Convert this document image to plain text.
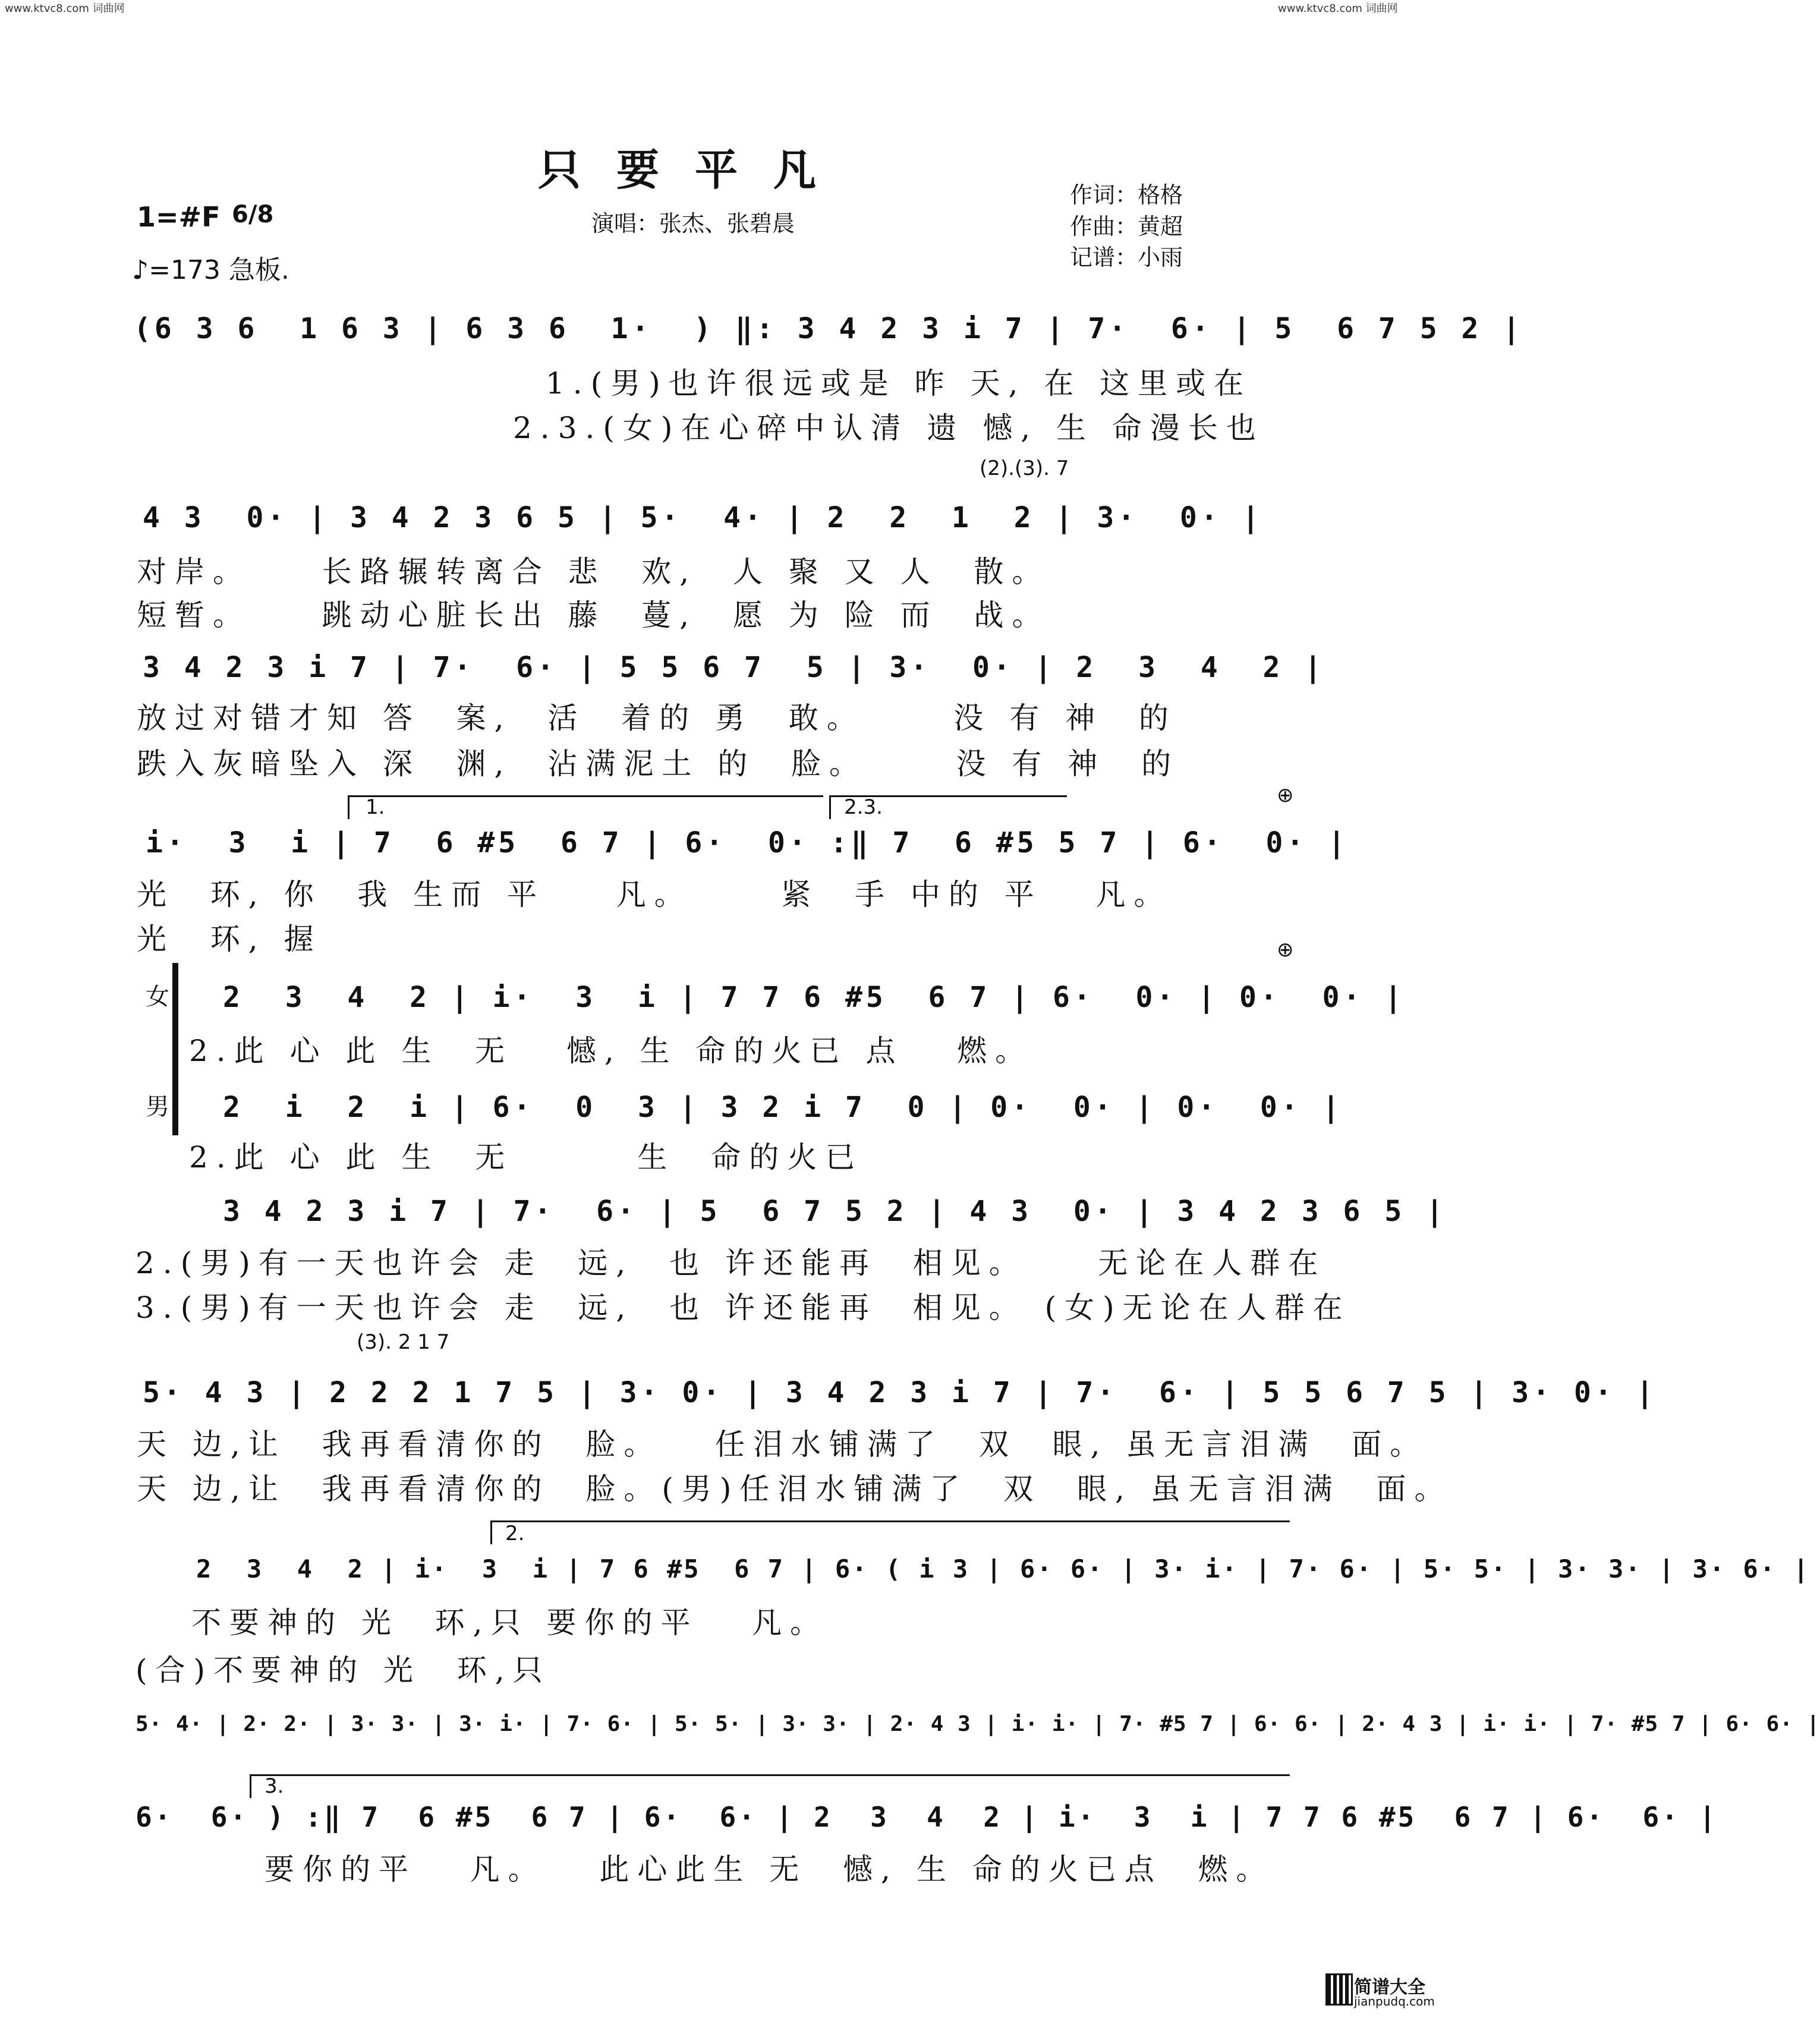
www.ktvc8.com 词曲网	www.ktvc8.com 词曲网
只要平凡
1=#F 6/8
♪=173 急板.
演唱：张杰、张碧晨
作词：格格
作曲：黄超
记谱：小雨
(6 3 6  1 6 3 | 6 3 6  1·  ) ‖: 3 4 2 3 i 7 | 7·  6· | 5  6 7 5 2 |
1.(男)也许很远或是 昨 天, 在 这里或在
2.3.(女)在心碎中认清 遗 憾, 生 命漫长也
(2).(3). 7
4 3  0· | 3 4 2 3 6 5 | 5·  4· | 2  2  1  2 | 3·  0· |
对岸。    长路辗转离合 悲  欢,  人 聚 又 人  散。
短暂。    跳动心脏长出 藤  蔓,  愿 为 险 而  战。
3 4 2 3 i 7 | 7·  6· | 5 5 6 7  5 | 3·  0· | 2  3  4  2 |
放过对错才知 答  案,  活  着的 勇  敢。     没 有 神  的
跌入灰暗坠入 深  渊,  沾满泥土 的  脸。     没 有 神  的
1.	2.3.	⊕
i·  3  i | 7  6 #5  6 7 | 6·  0· :‖ 7  6 #5 5 7 | 6·  0· |
光  环, 你  我 生而 平    凡。     紧  手 中的 平   凡。
光  环, 握	⊕
女 2  3  4  2 | i·  3  i | 7 7 6 #5  6 7 | 6·  0· | 0·  0· |
2.此 心 此 生  无   憾, 生 命的火已 点   燃。
男 2  i  2  i | 6·  0  3 | 3 2 i 7  0 | 0·  0· | 0·  0· |
2.此 心 此 生  无       生  命的火已
3 4 2 3 i 7 | 7·  6· | 5  6 7 5 2 | 4 3  0· | 3 4 2 3 6 5 |
2.(男)有一天也许会 走  远,  也 许还能再  相见。    无论在人群在
3.(男)有一天也许会 走  远,  也 许还能再  相见。 (女)无论在人群在
(3). 2 1 7
5· 4 3 | 2 2 2 1 7 5 | 3· 0· | 3 4 2 3 i 7 | 7·  6· | 5 5 6 7 5 | 3· 0· |
天 边,让  我再看清你的  脸。   任泪水铺满了  双  眼, 虽无言泪满  面。
天 边,让  我再看清你的  脸。(男)任泪水铺满了  双  眼, 虽无言泪满  面。
2.
2  3  4  2 | i·  3  i | 7 6 #5  6 7 | 6· ( i 3 | 6· 6· | 3· i· | 7· 6· | 5· 5· | 3· 3· | 3· 6· |
不要神的 光  环,只 要你的平   凡。
(合)不要神的 光  环,只
5· 4· | 2· 2· | 3· 3· | 3· i· | 7· 6· | 5· 5· | 3· 3· | 2· 4 3 | i· i· | 7· #5 7 | 6· 6· | 2· 4 3 | i· i· | 7· #5 7 | 6· 6· |
3.
6·  6· ) :‖ 7  6 #5  6 7 | 6·  6· | 2  3  4  2 | i·  3  i | 7 7 6 #5  6 7 | 6·  6· |
要你的平   凡。   此心此生 无  憾, 生 命的火已点  燃。
简谱大全
jianpudq.com
